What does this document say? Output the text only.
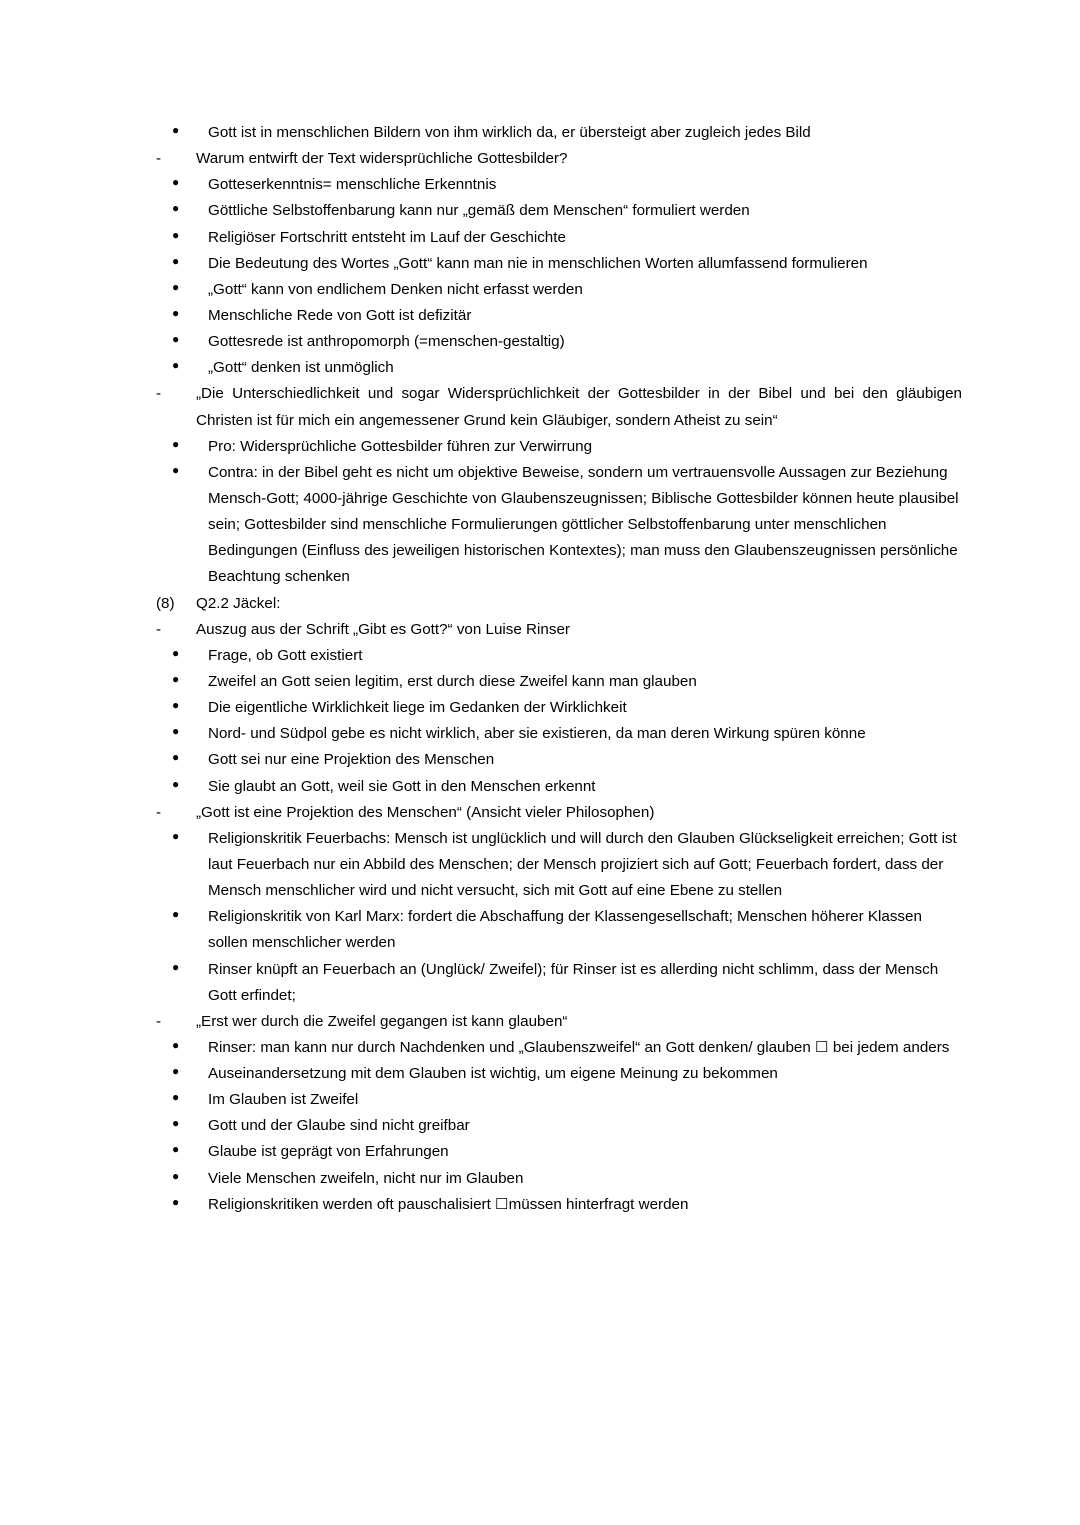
● Gott ist in menschlichen Bildern von ihm wirklich da, er übersteigt aber zugleich jedes Bild
-	Warum entwirft der Text widersprüchliche Gottesbilder?
● Gotteserkenntnis= menschliche Erkenntnis
● Göttliche Selbstoffenbarung kann nur „gemäß dem Menschen“ formuliert werden
● Religiöser Fortschritt entsteht im Lauf der Geschichte
● Die Bedeutung des Wortes „Gott“ kann man nie in menschlichen Worten allumfassend formulieren
● „Gott“ kann von endlichem Denken nicht erfasst werden
● Menschliche Rede von Gott ist defizitär
● Gottesrede ist anthropomorph (=menschen-gestaltig)
● „Gott“ denken ist unmöglich
-	„Die Unterschiedlichkeit und sogar Widersprüchlichkeit der Gottesbilder in der Bibel und bei den gläubigen Christen ist für mich ein angemessener Grund kein Gläubiger, sondern Atheist zu sein“
● Pro: Widersprüchliche Gottesbilder führen zur Verwirrung
● Contra: in der Bibel geht es nicht um objektive Beweise, sondern um vertrauensvolle Aussagen zur Beziehung Mensch-Gott; 4000-jährige Geschichte von Glaubenszeugnissen; Biblische Gottesbilder können heute plausibel sein; Gottesbilder sind menschliche Formulierungen göttlicher Selbstoffenbarung unter menschlichen Bedingungen (Einfluss des jeweiligen historischen Kontextes); man muss den Glaubenszeugnissen persönliche Beachtung schenken
(8) Q2.2 Jäckel:
-	Auszug aus der Schrift „Gibt es Gott?“ von Luise Rinser
● Frage, ob Gott existiert
● Zweifel an Gott seien legitim, erst durch diese Zweifel kann man glauben
● Die eigentliche Wirklichkeit liege im Gedanken der Wirklichkeit
● Nord- und Südpol gebe es nicht wirklich, aber sie existieren, da man deren Wirkung spüren könne
● Gott sei nur eine Projektion des Menschen
● Sie glaubt an Gott, weil sie Gott in den Menschen erkennt
-	„Gott ist eine Projektion des Menschen“ (Ansicht vieler Philosophen)
● Religionskritik Feuerbachs: Mensch ist unglücklich und will durch den Glauben Glückseligkeit erreichen; Gott ist laut Feuerbach nur ein Abbild des Menschen; der Mensch projiziert sich auf Gott; Feuerbach fordert, dass der Mensch menschlicher wird und nicht versucht, sich mit Gott auf eine Ebene zu stellen
● Religionskritik von Karl Marx: fordert die Abschaffung der Klassengesellschaft; Menschen höherer Klassen sollen menschlicher werden
● Rinser knüpft an Feuerbach an (Unglück/ Zweifel); für Rinser ist es allerding nicht schlimm, dass der Mensch Gott erfindet;
-	„Erst wer durch die Zweifel gegangen ist kann glauben“
● Rinser: man kann nur durch Nachdenken und „Glaubenszweifel“ an Gott denken/ glauben ☐ bei jedem anders
● Auseinandersetzung mit dem Glauben ist wichtig, um eigene Meinung zu bekommen
● Im Glauben ist Zweifel
● Gott und der Glaube sind nicht greifbar
● Glaube ist geprägt von Erfahrungen
● Viele Menschen zweifeln, nicht nur im Glauben
● Religionskritiken werden oft pauschalisiert ☐müssen hinterfragt werden
